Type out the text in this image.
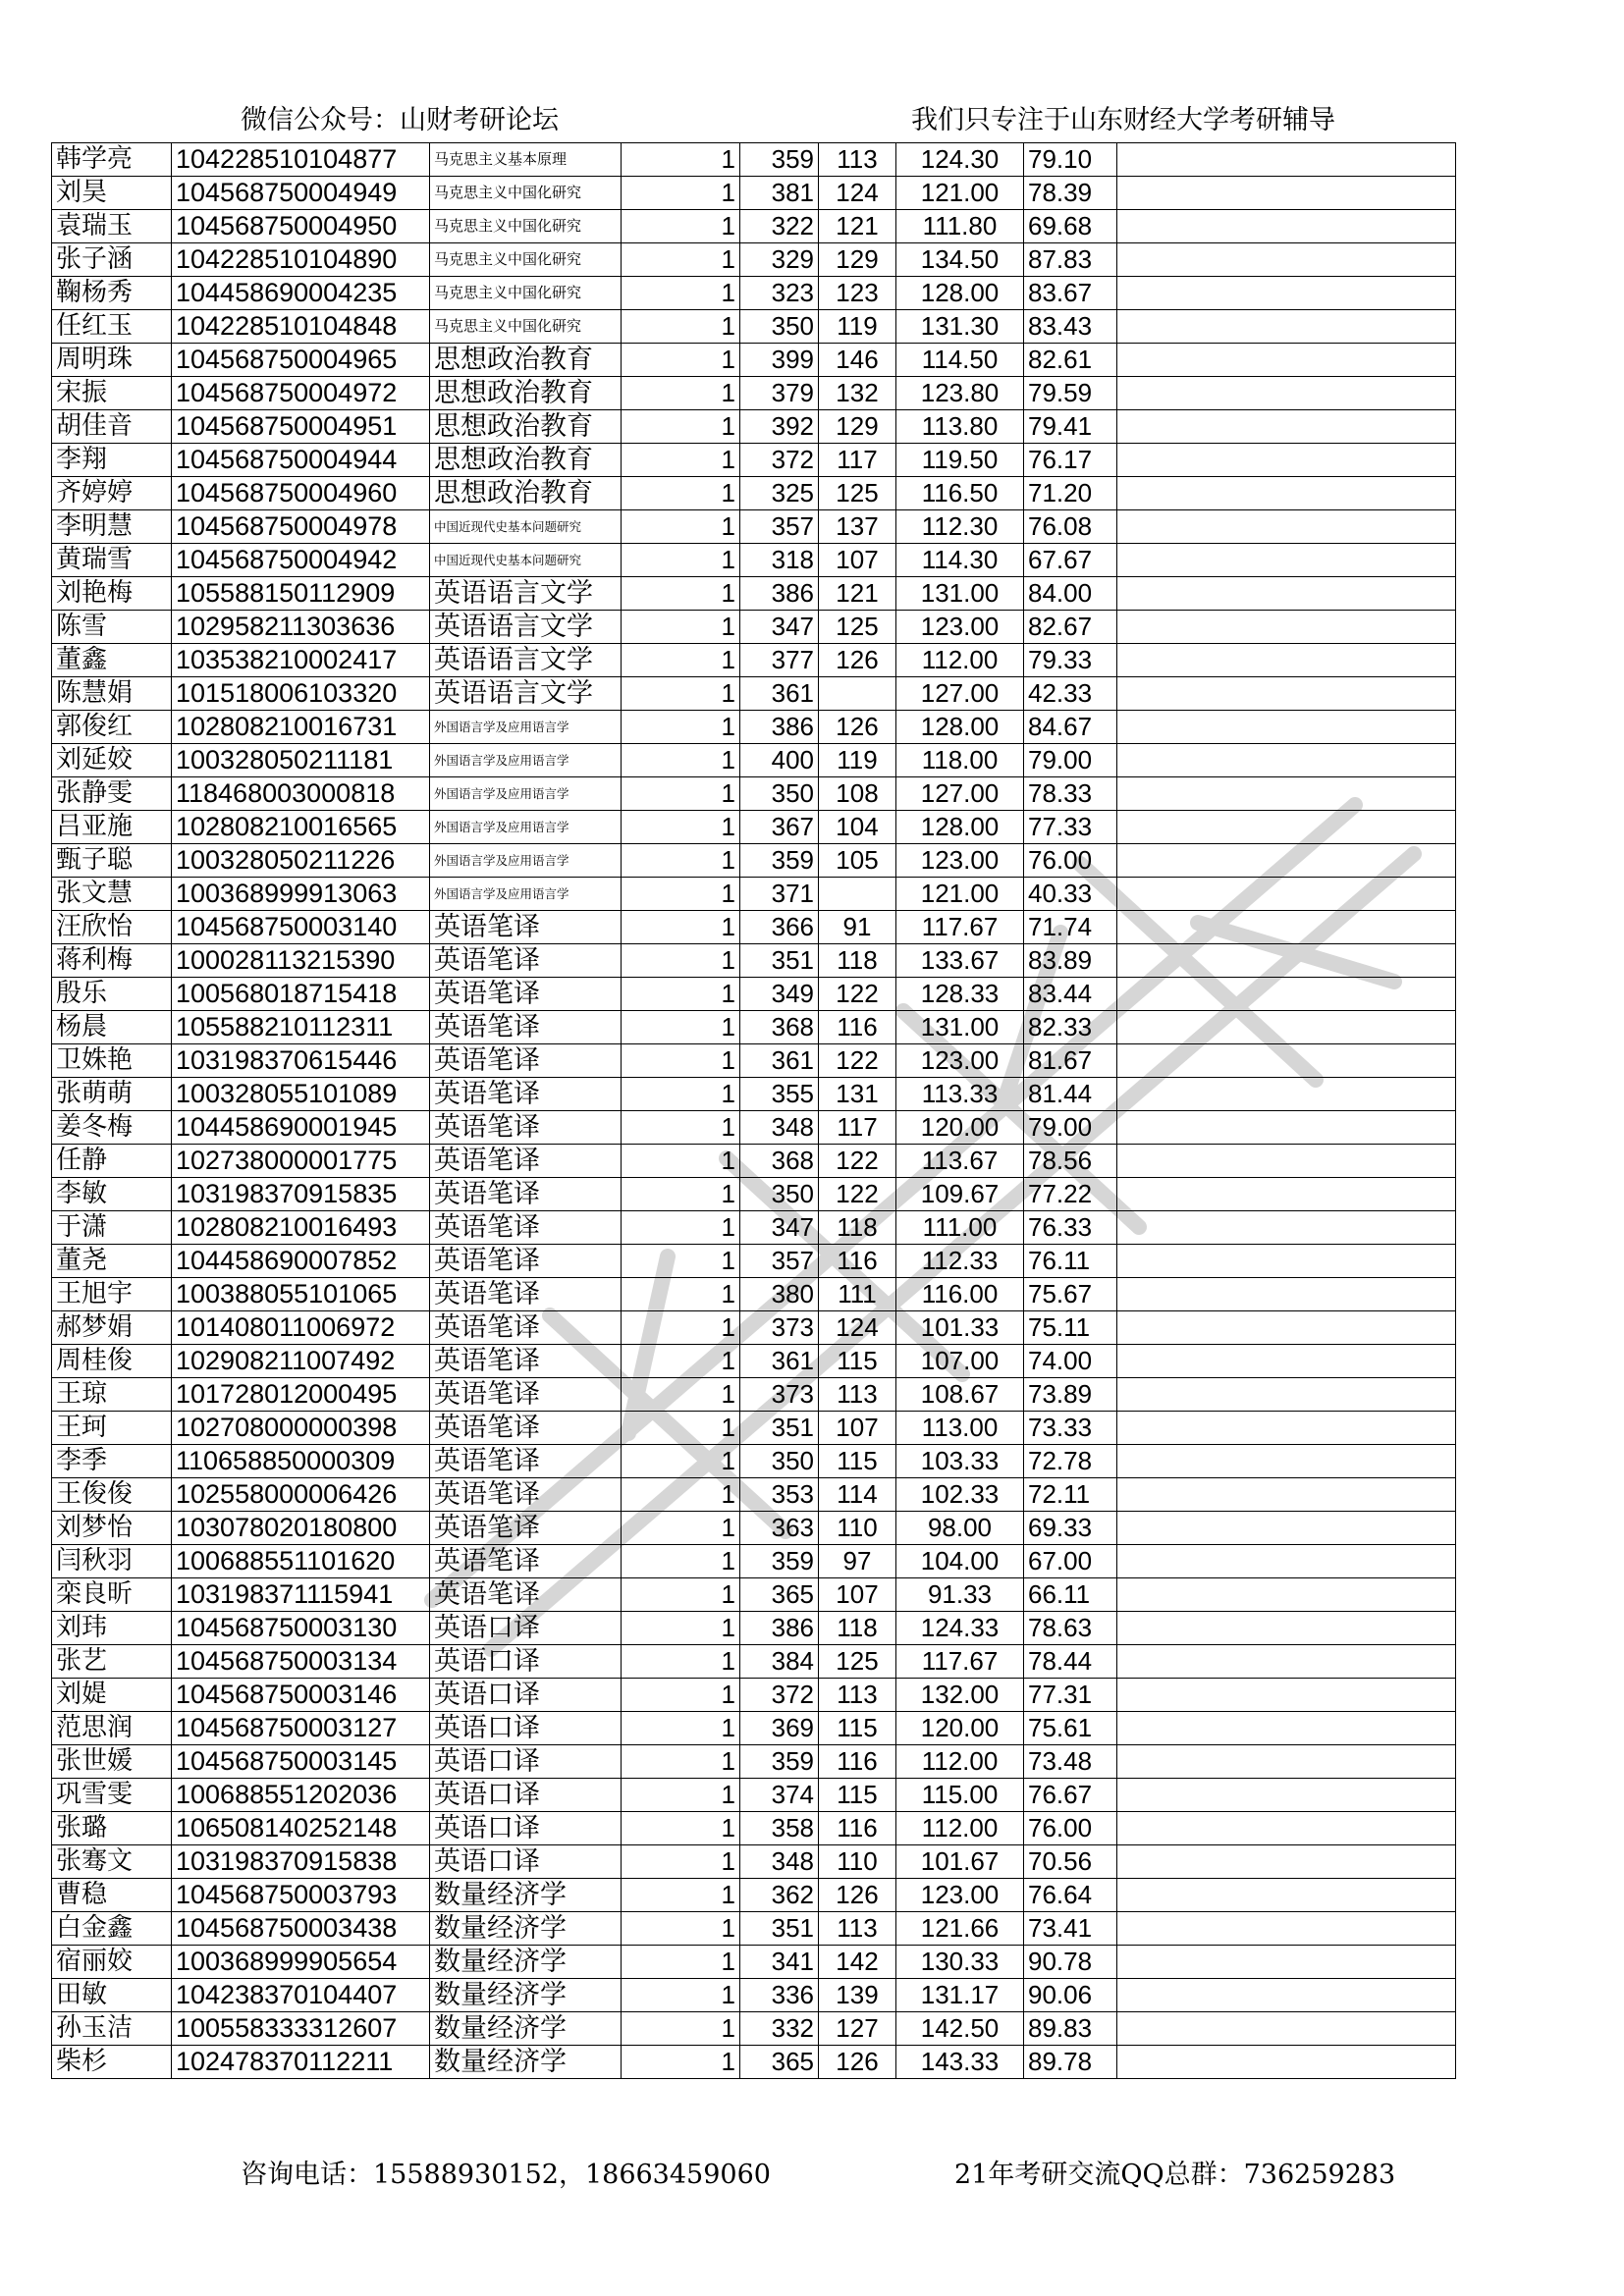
微信公众号：山财考研论坛	我们只专注于山东财经大学考研辅导
韩学亮	104228510104877	马克思主义基本原理	1	359	113	124.30	79.10	
刘昊	104568750004949	马克思主义中国化研究	1	381	124	121.00	78.39	
袁瑞玉	104568750004950	马克思主义中国化研究	1	322	121	111.80	69.68	
张子涵	104228510104890	马克思主义中国化研究	1	329	129	134.50	87.83	
鞠杨秀	104458690004235	马克思主义中国化研究	1	323	123	128.00	83.67	
任红玉	104228510104848	马克思主义中国化研究	1	350	119	131.30	83.43	
周明珠	104568750004965	思想政治教育	1	399	146	114.50	82.61	
宋振	104568750004972	思想政治教育	1	379	132	123.80	79.59	
胡佳音	104568750004951	思想政治教育	1	392	129	113.80	79.41	
李翔	104568750004944	思想政治教育	1	372	117	119.50	76.17	
齐婷婷	104568750004960	思想政治教育	1	325	125	116.50	71.20	
李明慧	104568750004978	中国近现代史基本问题研究	1	357	137	112.30	76.08	
黄瑞雪	104568750004942	中国近现代史基本问题研究	1	318	107	114.30	67.67	
刘艳梅	105588150112909	英语语言文学	1	386	121	131.00	84.00	
陈雪	102958211303636	英语语言文学	1	347	125	123.00	82.67	
董鑫	103538210002417	英语语言文学	1	377	126	112.00	79.33	
陈慧娟	101518006103320	英语语言文学	1	361		127.00	42.33	
郭俊红	102808210016731	外国语言学及应用语言学	1	386	126	128.00	84.67	
刘延姣	100328050211181	外国语言学及应用语言学	1	400	119	118.00	79.00	
张静雯	118468003000818	外国语言学及应用语言学	1	350	108	127.00	78.33	
吕亚施	102808210016565	外国语言学及应用语言学	1	367	104	128.00	77.33	
甄子聪	100328050211226	外国语言学及应用语言学	1	359	105	123.00	76.00	
张文慧	100368999913063	外国语言学及应用语言学	1	371		121.00	40.33	
汪欣怡	104568750003140	英语笔译	1	366	91	117.67	71.74	
蒋利梅	100028113215390	英语笔译	1	351	118	133.67	83.89	
殷乐	100568018715418	英语笔译	1	349	122	128.33	83.44	
杨晨	105588210112311	英语笔译	1	368	116	131.00	82.33	
卫姝艳	103198370615446	英语笔译	1	361	122	123.00	81.67	
张萌萌	100328055101089	英语笔译	1	355	131	113.33	81.44	
姜冬梅	104458690001945	英语笔译	1	348	117	120.00	79.00	
任静	102738000001775	英语笔译	1	368	122	113.67	78.56	
李敏	103198370915835	英语笔译	1	350	122	109.67	77.22	
于潇	102808210016493	英语笔译	1	347	118	111.00	76.33	
董尧	104458690007852	英语笔译	1	357	116	112.33	76.11	
王旭宇	100388055101065	英语笔译	1	380	111	116.00	75.67	
郝梦娟	101408011006972	英语笔译	1	373	124	101.33	75.11	
周桂俊	102908211007492	英语笔译	1	361	115	107.00	74.00	
王琼	101728012000495	英语笔译	1	373	113	108.67	73.89	
王珂	102708000000398	英语笔译	1	351	107	113.00	73.33	
李季	110658850000309	英语笔译	1	350	115	103.33	72.78	
王俊俊	102558000006426	英语笔译	1	353	114	102.33	72.11	
刘梦怡	103078020180800	英语笔译	1	363	110	98.00	69.33	
闫秋羽	100688551101620	英语笔译	1	359	97	104.00	67.00	
栾良昕	103198371115941	英语笔译	1	365	107	91.33	66.11	
刘玮	104568750003130	英语口译	1	386	118	124.33	78.63	
张艺	104568750003134	英语口译	1	384	125	117.67	78.44	
刘媞	104568750003146	英语口译	1	372	113	132.00	77.31	
范思润	104568750003127	英语口译	1	369	115	120.00	75.61	
张世媛	104568750003145	英语口译	1	359	116	112.00	73.48	
巩雪雯	100688551202036	英语口译	1	374	115	115.00	76.67	
张璐	106508140252148	英语口译	1	358	116	112.00	76.00	
张骞文	103198370915838	英语口译	1	348	110	101.67	70.56	
曹稳	104568750003793	数量经济学	1	362	126	123.00	76.64	
白金鑫	104568750003438	数量经济学	1	351	113	121.66	73.41	
宿丽姣	100368999905654	数量经济学	1	341	142	130.33	90.78	
田敏	104238370104407	数量经济学	1	336	139	131.17	90.06	
孙玉洁	100558333312607	数量经济学	1	332	127	142.50	89.83	
柴杉	102478370112211	数量经济学	1	365	126	143.33	89.78	
咨询电话：15588930152，18663459060	21年考研交流QQ总群：736259283
